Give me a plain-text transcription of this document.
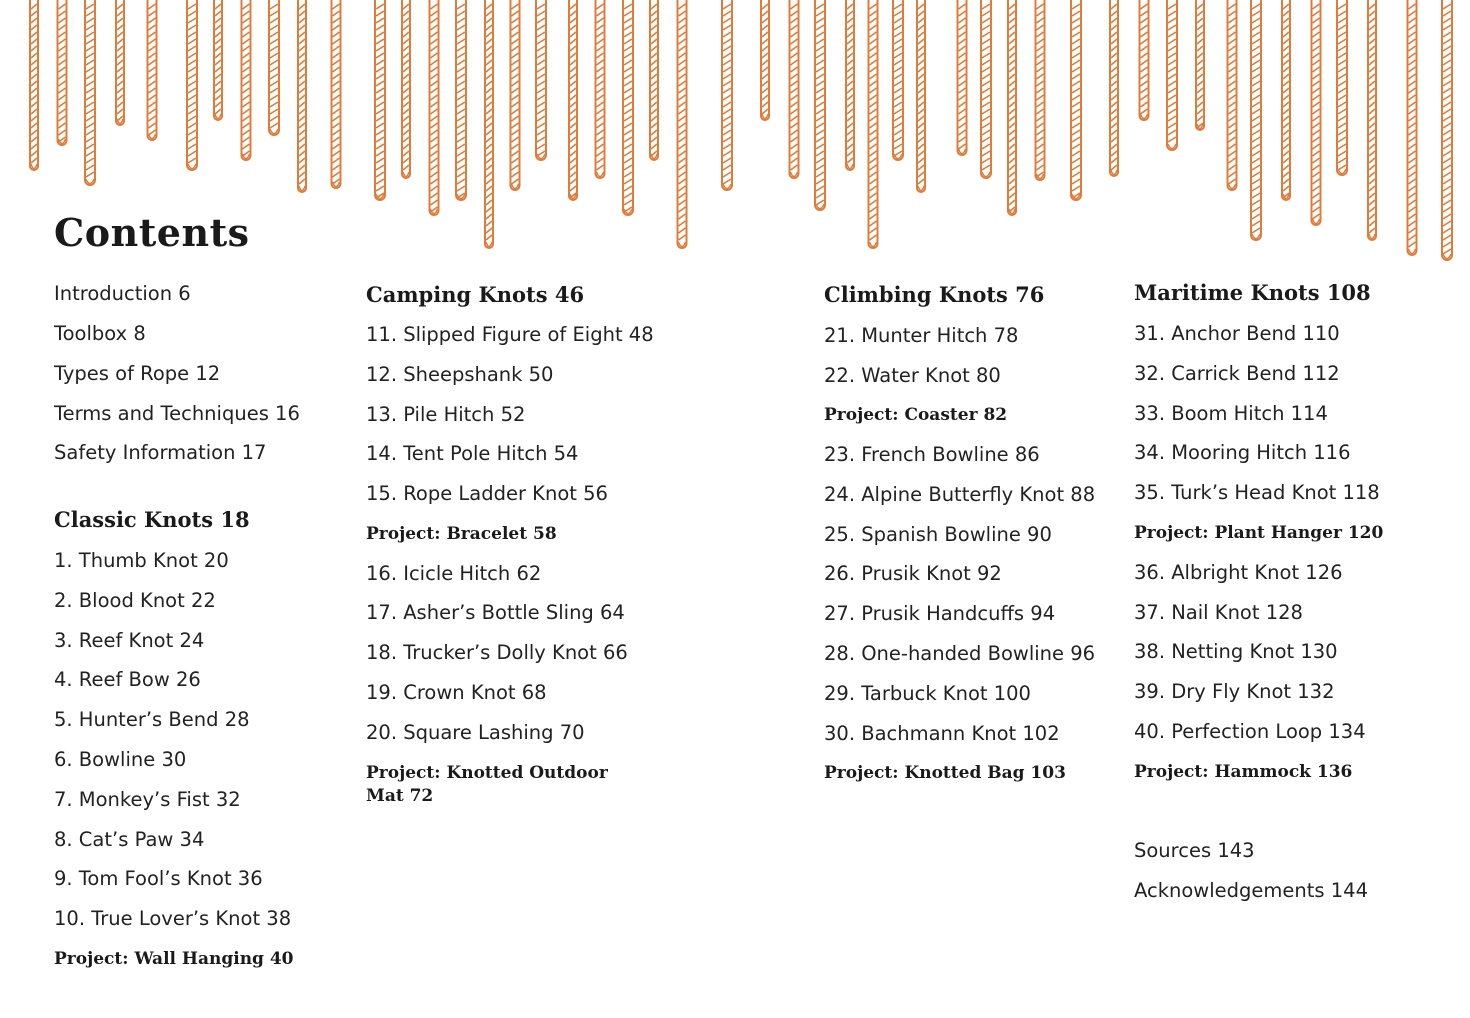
Contents
Introduction 6
Toolbox 8
Types of Rope 12
Terms and Techniques 16
Safety Information 17
Classic Knots 18
1. Thumb Knot 20
2. Blood Knot 22
3. Reef Knot 24
4. Reef Bow 26
5. Hunter’s Bend 28
6. Bowline 30
7. Monkey’s Fist 32
8. Cat’s Paw 34
9. Tom Fool’s Knot 36
10. True Lover’s Knot 38
Project: Wall Hanging 40
Camping Knots 46
11. Slipped Figure of Eight 48
12. Sheepshank 50
13. Pile Hitch 52
14. Tent Pole Hitch 54
15. Rope Ladder Knot 56
Project: Bracelet 58
16. Icicle Hitch 62
17. Asher’s Bottle Sling 64
18. Trucker’s Dolly Knot 66
19. Crown Knot 68
20. Square Lashing 70
Project: Knotted Outdoor Mat 72
Climbing Knots 76
21. Munter Hitch 78
22. Water Knot 80
Project: Coaster 82
23. French Bowline 86
24. Alpine Butterfly Knot 88
25. Spanish Bowline 90
26. Prusik Knot 92
27. Prusik Handcuffs 94
28. One-handed Bowline 96
29. Tarbuck Knot 100
30. Bachmann Knot 102
Project: Knotted Bag 103
Maritime Knots 108
31. Anchor Bend 110
32. Carrick Bend 112
33. Boom Hitch 114
34. Mooring Hitch 116
35. Turk’s Head Knot 118
Project: Plant Hanger 120
36. Albright Knot 126
37. Nail Knot 128
38. Netting Knot 130
39. Dry Fly Knot 132
40. Perfection Loop 134
Project: Hammock 136
Sources 143
Acknowledgements 144
